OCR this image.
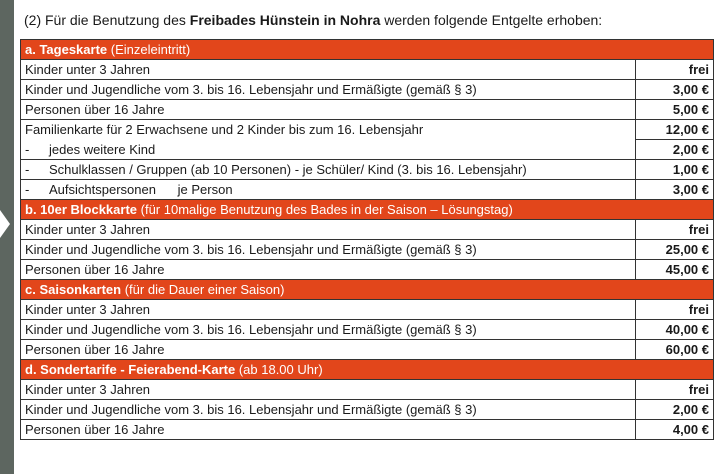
(2) Für die Benutzung des Freibades Hünstein in Nohra werden folgende Entgelte erhoben:
a. Tageskarte (Einzeleintritt)	
Kinder unter 3 Jahren	frei
Kinder und Jugendliche vom 3. bis 16. Lebensjahr und Ermäßigte (gemäß § 3)	3,00 €
Personen über 16 Jahre	5,00 €
Familienkarte für 2 Erwachsene und 2 Kinder bis zum 16. Lebensjahr	12,00 €
- jedes weitere Kind	2,00 €
- Schulklassen / Gruppen (ab 10 Personen) - je Schüler/ Kind (3. bis 16. Lebensjahr)	1,00 €
- Aufsichtspersonen      je Person	3,00 €
b. 10er Blockkarte (für 10malige Benutzung des Bades in der Saison – Lösungstag)	
Kinder unter 3 Jahren	frei
Kinder und Jugendliche vom 3. bis 16. Lebensjahr und Ermäßigte (gemäß § 3)	25,00 €
Personen über 16 Jahre	45,00 €
c. Saisonkarten (für die Dauer einer Saison)	
Kinder unter 3 Jahren	frei
Kinder und Jugendliche vom 3. bis 16. Lebensjahr und Ermäßigte (gemäß § 3)	40,00 €
Personen über 16 Jahre	60,00 €
d. Sondertarife - Feierabend-Karte (ab 18.00 Uhr)	
Kinder unter 3 Jahren	frei
Kinder und Jugendliche vom 3. bis 16. Lebensjahr und Ermäßigte (gemäß § 3)	2,00 €
Personen über 16 Jahre	4,00 €
